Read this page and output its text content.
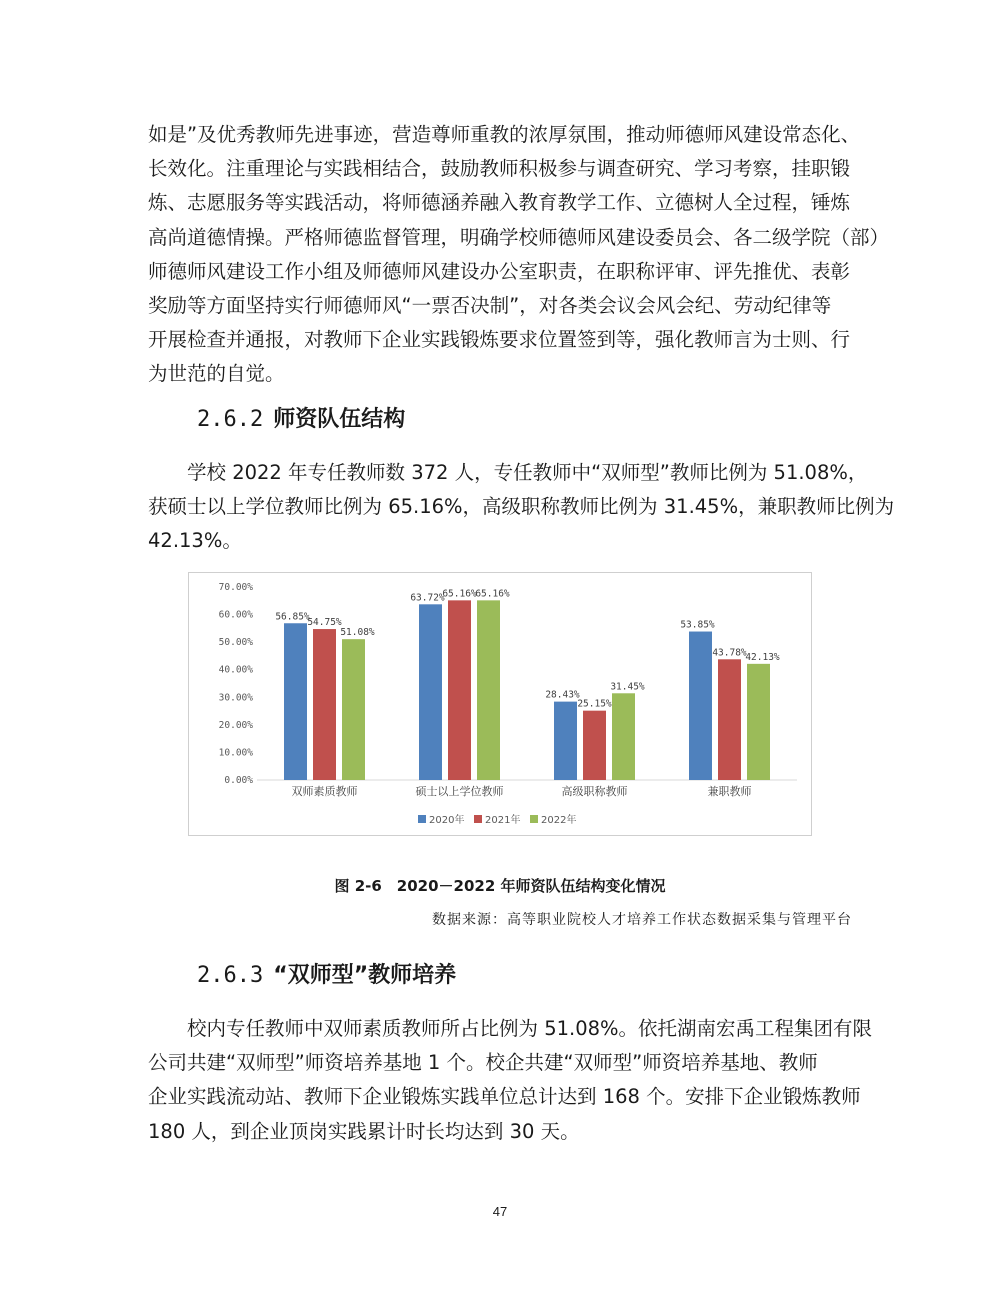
如是”及优秀教师先进事迹，营造尊师重教的浓厚氛围，推动师德师风建设常态化、
长效化。注重理论与实践相结合，鼓励教师积极参与调查研究、学习考察，挂职锻
炼、志愿服务等实践活动，将师德涵养融入教育教学工作、立德树人全过程，锤炼
高尚道德情操。严格师德监督管理，明确学校师德师风建设委员会、各二级学院（部）
师德师风建设工作小组及师德师风建设办公室职责，在职称评审、评先推优、表彰
奖励等方面坚持实行师德师风“一票否决制”，对各类会议会风会纪、劳动纪律等
开展检查并通报，对教师下企业实践锻炼要求位置签到等，强化教师言为士则、行
为世范的自觉。
2.6.2 师资队伍结构
学校 2022 年专任教师数 372 人，专任教师中“双师型”教师比例为 51.08%，
获硕士以上学位教师比例为 65.16%，高级职称教师比例为 31.45%，兼职教师比例为
42.13%。
0.00%
10.00%
20.00%
30.00%
40.00%
50.00%
60.00%
70.00%
56.85%
54.75%
51.08%
双师素质教师
63.72%
65.16%
65.16%
硕士以上学位教师
28.43%
25.15%
31.45%
高级职称教师
53.85%
43.78%
42.13%
兼职教师
2020年 2021年 2022年
图 2-6　2020－2022 年师资队伍结构变化情况
数据来源：高等职业院校人才培养工作状态数据采集与管理平台
2.6.3 “双师型”教师培养
校内专任教师中双师素质教师所占比例为 51.08%。依托湖南宏禹工程集团有限
公司共建“双师型”师资培养基地 1 个。校企共建“双师型”师资培养基地、教师
企业实践流动站、教师下企业锻炼实践单位总计达到 168 个。安排下企业锻炼教师
180 人，到企业顶岗实践累计时长均达到 30 天。
47
